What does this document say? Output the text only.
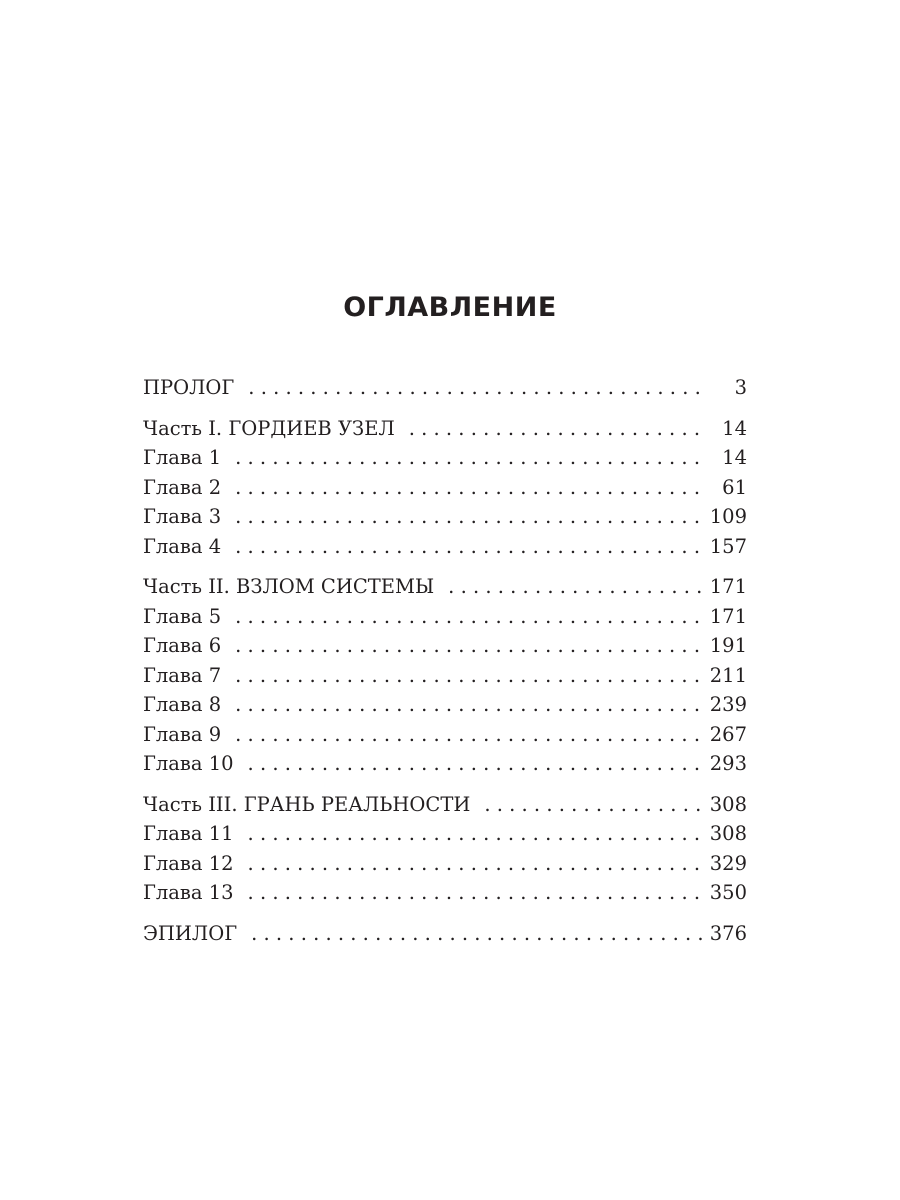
ОГЛАВЛЕНИЕ
ПРОЛОГ . . .	3
Часть I. ГОРДИЕВ УЗЕЛ . . .	14
Глава 1 . . .	14
Глава 2 . . .	61
Глава 3 . . .	109
Глава 4 . . .	157
Часть II. ВЗЛОМ СИСТЕМЫ . . .	171
Глава 5 . . .	171
Глава 6 . . .	191
Глава 7 . . .	211
Глава 8 . . .	239
Глава 9 . . .	267
Глава 10 . . .	293
Часть III. ГРАНЬ РЕАЛЬНОСТИ . . .	308
Глава 11 . . .	308
Глава 12 . . .	329
Глава 13 . . .	350
ЭПИЛОГ . . .	376
